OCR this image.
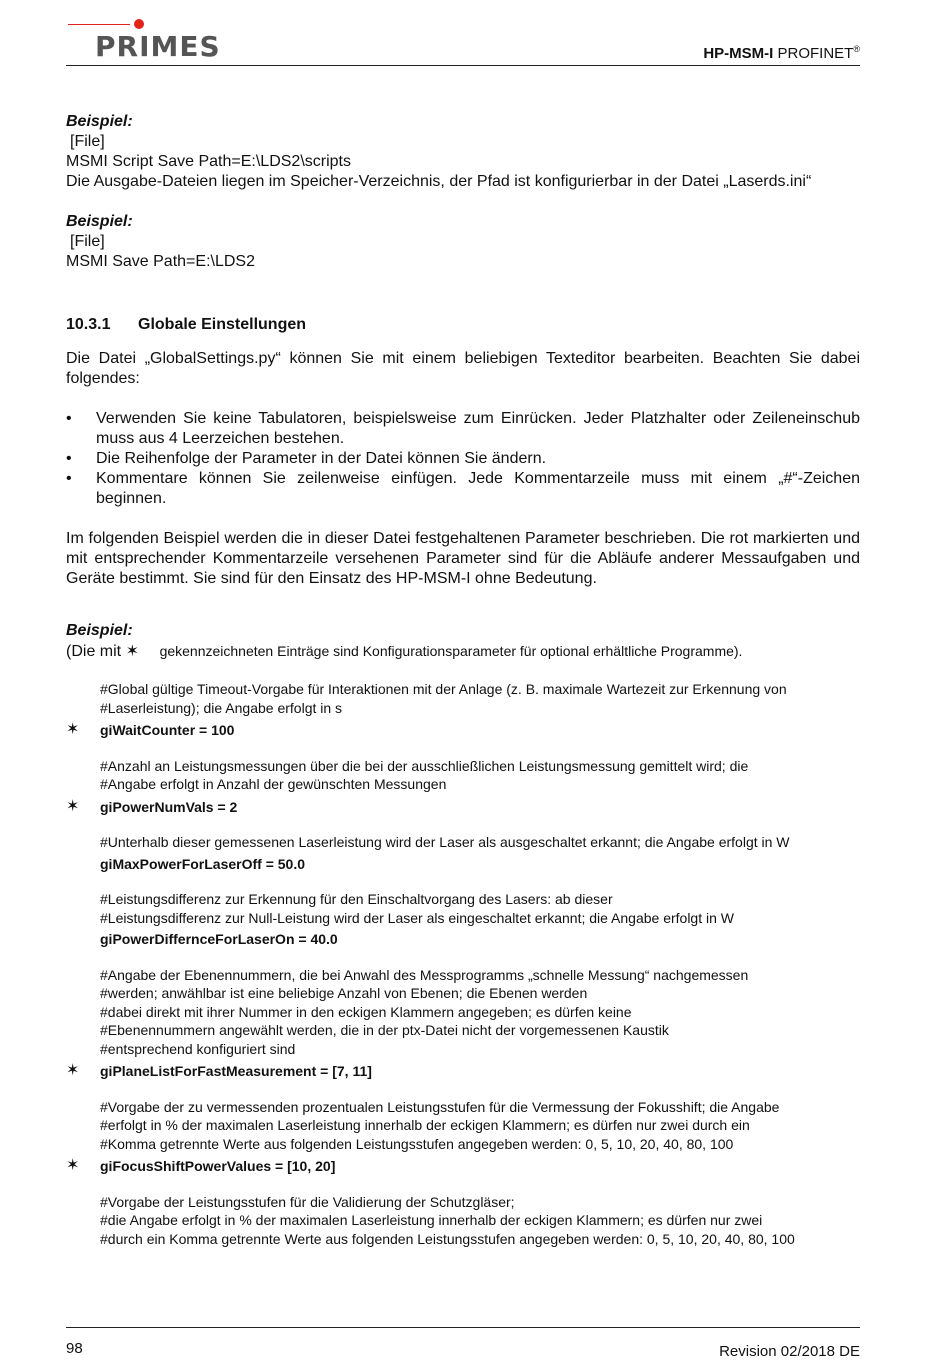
PRIMES	HP-MSM-I PROFINET®
Beispiel:
[File]
MSMI Script Save Path=E:\LDS2\scripts
Die Ausgabe-Dateien liegen im Speicher-Verzeichnis, der Pfad ist konfigurierbar in der Datei „Laserds.ini“
Beispiel:
[File]
MSMI Save Path=E:\LDS2
10.3.1 Globale Einstellungen
Die Datei „GlobalSettings.py“ können Sie mit einem beliebigen Texteditor bearbeiten. Beachten Sie dabei folgendes:
• Verwenden Sie keine Tabulatoren, beispielsweise zum Einrücken. Jeder Platzhalter oder Zeileneinschub muss aus 4 Leerzeichen bestehen.
• Die Reihenfolge der Parameter in der Datei können Sie ändern.
• Kommentare können Sie zeilenweise einfügen. Jede Kommentarzeile muss mit einem „#“-Zeichen beginnen.
Im folgenden Beispiel werden die in dieser Datei festgehaltenen Parameter beschrieben. Die rot markierten und mit entsprechender Kommentarzeile versehenen Parameter sind für die Abläufe anderer Messaufgaben und Geräte bestimmt. Sie sind für den Einsatz des HP-MSM-I ohne Bedeutung.
Beispiel:
(Die mit ✶ gekennzeichneten Einträge sind Konfigurationsparameter für optional erhältliche Programme).
#Global gültige Timeout-Vorgabe für Interaktionen mit der Anlage (z. B. maximale Wartezeit zur Erkennung von
#Laserleistung); die Angabe erfolgt in s
✶	giWaitCounter = 100
#Anzahl an Leistungsmessungen über die bei der ausschließlichen Leistungsmessung gemittelt wird; die
#Angabe erfolgt in Anzahl der gewünschten Messungen
✶	giPowerNumVals = 2
#Unterhalb dieser gemessenen Laserleistung wird der Laser als ausgeschaltet erkannt; die Angabe erfolgt in W
giMaxPowerForLaserOff = 50.0
#Leistungsdifferenz zur Erkennung für den Einschaltvorgang des Lasers: ab dieser
#Leistungsdifferenz zur Null-Leistung wird der Laser als eingeschaltet erkannt; die Angabe erfolgt in W
giPowerDiffernceForLaserOn = 40.0
#Angabe der Ebenennummern, die bei Anwahl des Messprogramms „schnelle Messung“ nachgemessen
#werden; anwählbar ist eine beliebige Anzahl von Ebenen; die Ebenen werden
#dabei direkt mit ihrer Nummer in den eckigen Klammern angegeben; es dürfen keine
#Ebenennummern angewählt werden, die in der ptx-Datei nicht der vorgemessenen Kaustik
#entsprechend konfiguriert sind
✶	giPlaneListForFastMeasurement = [7, 11]
#Vorgabe der zu vermessenden prozentualen Leistungsstufen für die Vermessung der Fokusshift; die Angabe
#erfolgt in % der maximalen Laserleistung innerhalb der eckigen Klammern; es dürfen nur zwei durch ein
#Komma getrennte Werte aus folgenden Leistungsstufen angegeben werden: 0, 5, 10, 20, 40, 80, 100
✶	giFocusShiftPowerValues = [10, 20]
#Vorgabe der Leistungsstufen für die Validierung der Schutzgläser;
#die Angabe erfolgt in % der maximalen Laserleistung innerhalb der eckigen Klammern; es dürfen nur zwei
#durch ein Komma getrennte Werte aus folgenden Leistungsstufen angegeben werden: 0, 5, 10, 20, 40, 80, 100
98	Revision 02/2018 DE
